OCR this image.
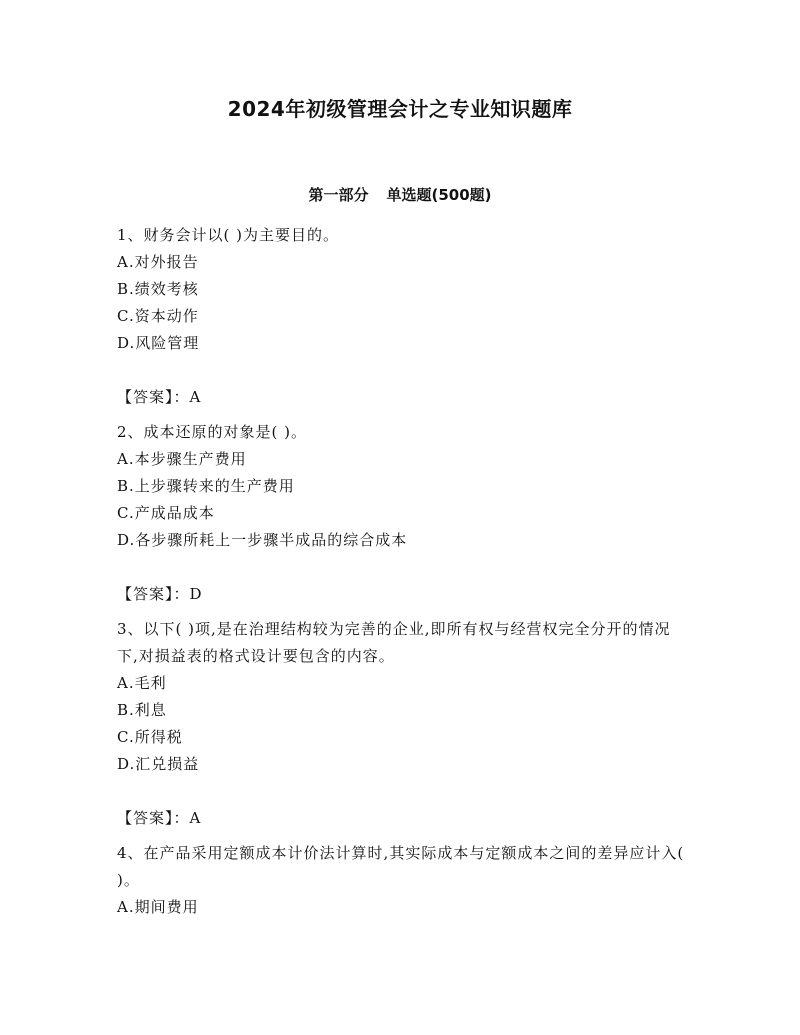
2024年初级管理会计之专业知识题库
第一部分 单选题(500题)

1、财务会计以( )为主要目的。

A.对外报告

B.绩效考核

C.资本动作

D.风险管理

【答案】：A

2、成本还原的对象是( )。

A.本步骤生产费用

B.上步骤转来的生产费用

C.产成品成本

D.各步骤所耗上一步骤半成品的综合成本

【答案】：D

3、以下( )项,是在治理结构较为完善的企业,即所有权与经营权完全分开的情况下,对损益表的格式设计要包含的内容。

A.毛利

B.利息

C.所得税

D.汇兑损益

【答案】：A

4、在产品采用定额成本计价法计算时,其实际成本与定额成本之间的差异应计入( )。

A.期间费用
